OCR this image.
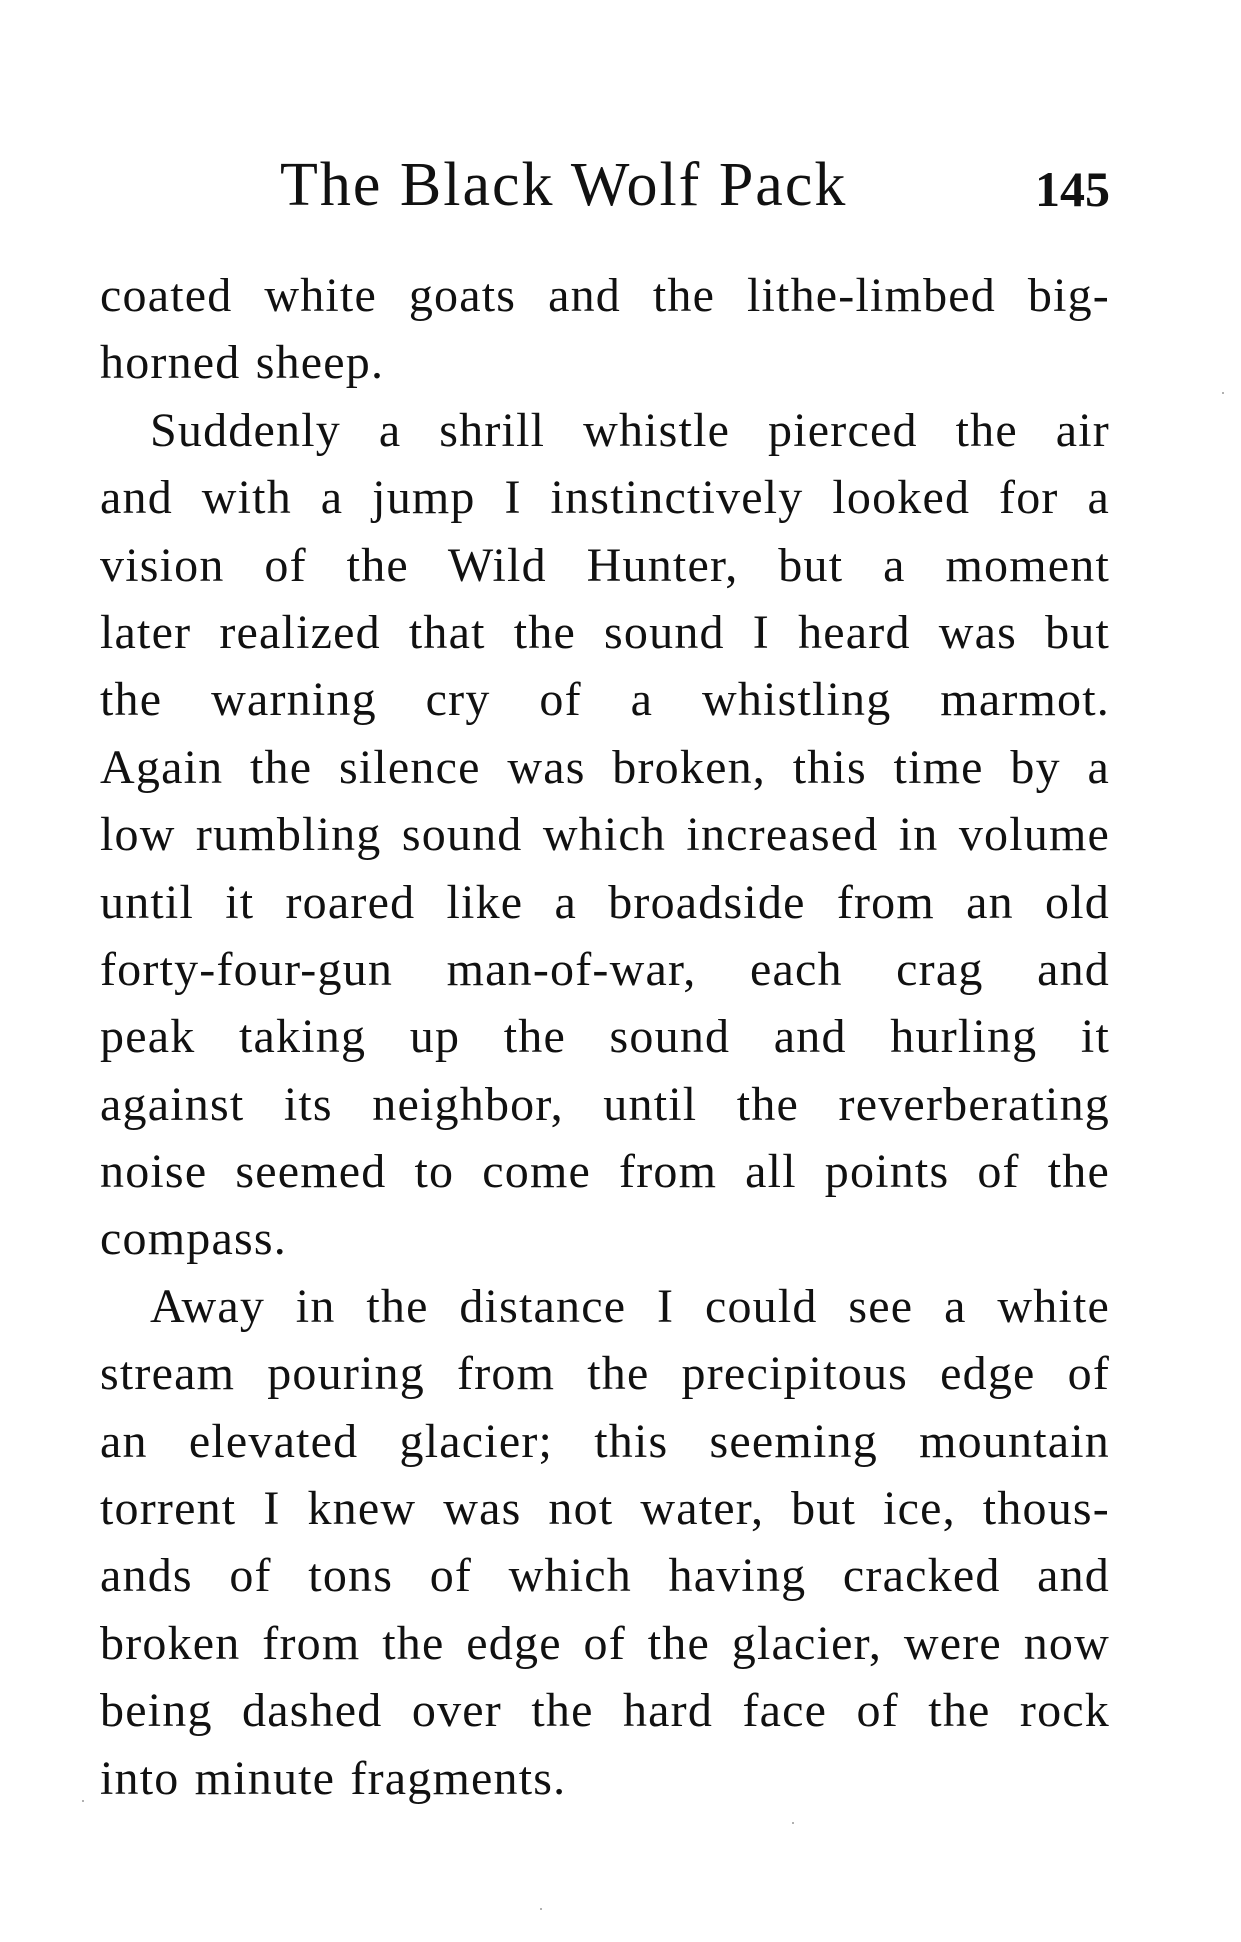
The Black Wolf Pack	145
coated white goats and the lithe-limbed big-
horned sheep.
Suddenly a shrill whistle pierced the air
and with a jump I instinctively looked for a
vision of the Wild Hunter, but a moment
later realized that the sound I heard was but
the warning cry of a whistling marmot.
Again the silence was broken, this time by a
low rumbling sound which increased in volume
until it roared like a broadside from an old
forty-four-gun man-of-war, each crag and
peak taking up the sound and hurling it
against its neighbor, until the reverberating
noise seemed to come from all points of the
compass.
Away in the distance I could see a white
stream pouring from the precipitous edge of
an elevated glacier; this seeming mountain
torrent I knew was not water, but ice, thous-
ands of tons of which having cracked and
broken from the edge of the glacier, were now
being dashed over the hard face of the rock
into minute fragments.
